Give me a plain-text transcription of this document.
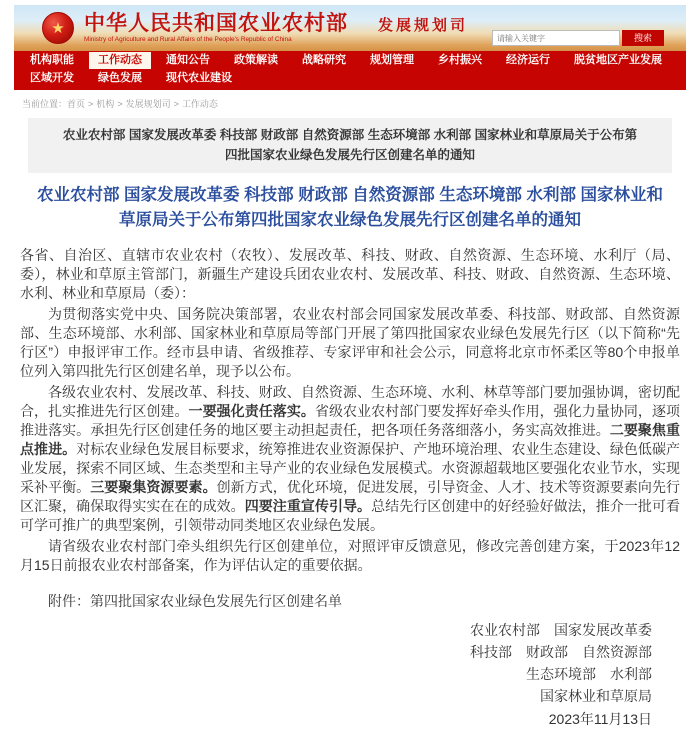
★ 中华人民共和国农业农村部
Ministry of Agriculture and Rural Affairs of the People's Republic of China
发展规划司
请输入关键字
搜索
机构职能	工作动态	通知公告	政策解读	战略研究	规划管理	乡村振兴	经济运行	脱贫地区产业发展
区域开发	绿色发展	现代农业建设
当前位置：首页 > 机构 > 发展规划司 > 工作动态
农业农村部 国家发展改革委 科技部 财政部 自然资源部 生态环境部 水利部 国家林业和草原局关于公布第四批国家农业绿色发展先行区创建名单的通知
农业农村部 国家发展改革委 科技部 财政部 自然资源部 生态环境部 水利部 国家林业和草原局关于公布第四批国家农业绿色发展先行区创建名单的通知

各省、自治区、直辖市农业农村（农牧）、发展改革、科技、财政、自然资源、生态环境、水利厅（局、委），林业和草原主管部门，新疆生产建设兵团农业农村、发展改革、科技、财政、自然资源、生态环境、水利、林业和草原局（委）：

为贯彻落实党中央、国务院决策部署，农业农村部会同国家发展改革委、科技部、财政部、自然资源部、生态环境部、水利部、国家林业和草原局等部门开展了第四批国家农业绿色发展先行区（以下简称“先行区”）申报评审工作。经市县申请、省级推荐、专家评审和社会公示，同意将北京市怀柔区等80个申报单位列入第四批先行区创建名单，现予以公布。

各级农业农村、发展改革、科技、财政、自然资源、生态环境、水利、林草等部门要加强协调，密切配合，扎实推进先行区创建。一要强化责任落实。省级农业农村部门要发挥好牵头作用，强化力量协同，逐项推进落实。承担先行区创建任务的地区要主动担起责任，把各项任务落细落小，务实高效推进。二要聚焦重点推进。对标农业绿色发展目标要求，统筹推进农业资源保护、产地环境治理、农业生态建设、绿色低碳产业发展，探索不同区域、生态类型和主导产业的农业绿色发展模式。水资源超载地区要强化农业节水，实现采补平衡。三要聚集资源要素。创新方式，优化环境，促进发展，引导资金、人才、技术等资源要素向先行区汇聚，确保取得实实在在的成效。四要注重宣传引导。总结先行区创建中的好经验好做法，推介一批可看可学可推广的典型案例，引领带动同类地区农业绿色发展。

请省级农业农村部门牵头组织先行区创建单位，对照评审反馈意见，修改完善创建方案，于2023年12月15日前报农业农村部备案，作为评估认定的重要依据。

附件：第四批国家农业绿色发展先行区创建名单
农业农村部　国家发展改革委
科技部　财政部　自然资源部
生态环境部　水利部
国家林业和草原局
2023年11月13日
